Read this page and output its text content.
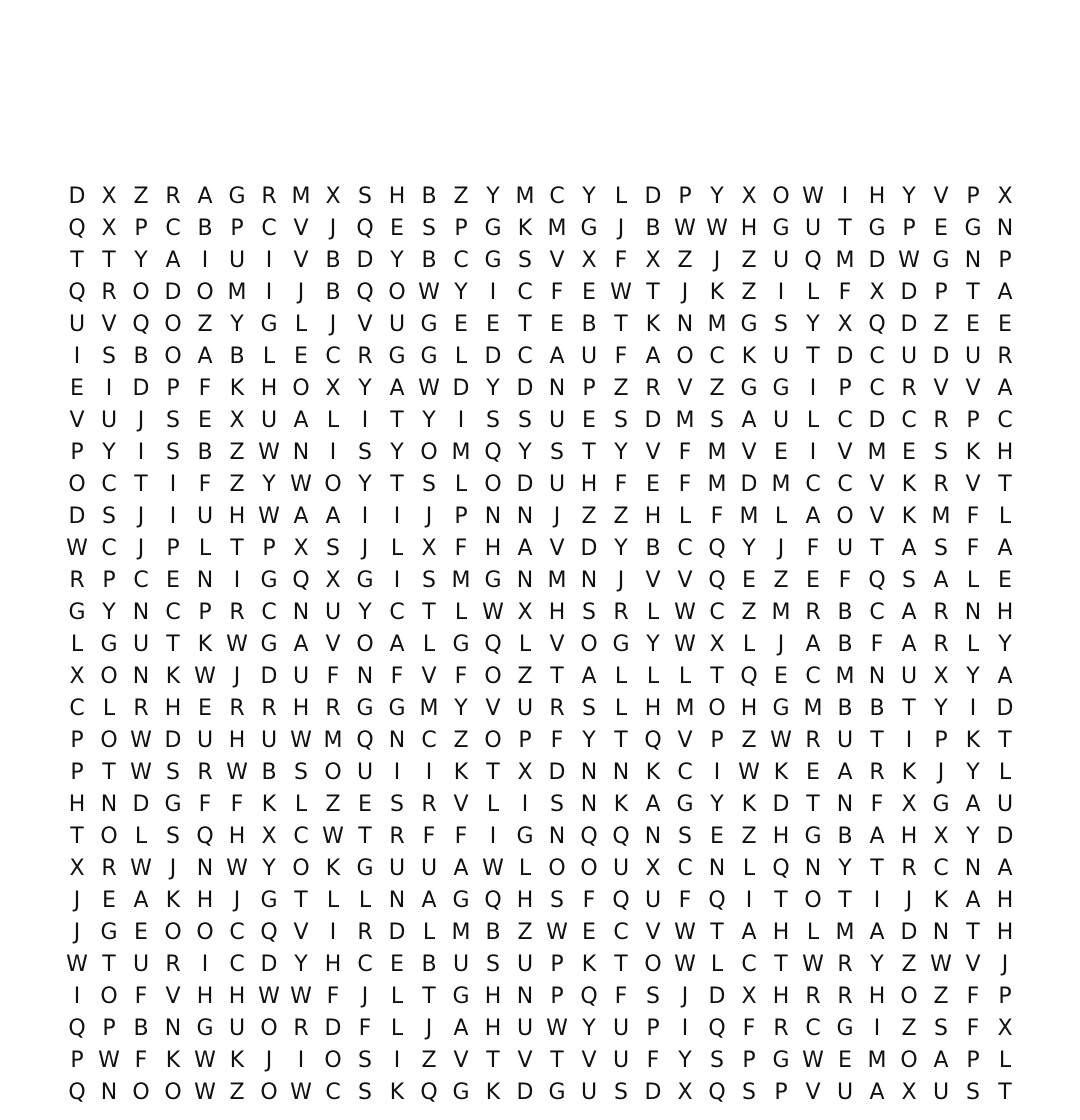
D X Z R A G R M X S H B Z Y M C Y L D P Y X O W I H Y V P X
Q X P C B P C V J Q E S P G K M G J B W W H G U T G P E G N
T T Y A I U I V B D Y B C G S V X F X Z J Z U Q M D W G N P
Q R O D O M I	J B Q O W Y	I C F E W T	J K Z I	L F X D P T A
U V Q O Z Y G L	J V U G E E T E B T K N M G S Y X Q D Z E E
I S B O A B L E C R G G L D C A U F A O C K U T D C U D U R
E I D P F K H O X Y A W D Y D N P Z R V Z G G I	P C R V V A
V U J S E X U A L	I	T Y	I S S U E S D M S A U L C D C R P C
P Y	I S B Z W N I S Y O M Q Y S T Y V F M V E I V M E S K H
O C T	I	F Z Y W O Y T S L O D U H F E F M D M C C V K R V T
D S J	I U H W A A I	I	J	P N N J Z Z H L F M L A O V K M F L
W C J	P L T P X S J	L X F H A V D Y B C Q Y	J	F U T A S F A
R P C E N I G Q X G I S M G N M N J V V Q E Z E F Q S A L E
G Y N C P R C N U Y C T L W X H S R L W C Z M R B C A R N H
L G U T K W G A V O A L G Q L V O G Y W X L	J A B F A R L Y
X O N K W J D U F N F V F O Z T A L L L T Q E C M N U X Y A
C L R H E R R H R G G M Y V U R S L H M O H G M B B T Y	I D
P O W D U H U W M Q N C Z O P F Y T Q V P Z W R U T	I	P K T
P T W S R W B S O U I	I K T X D N N K C I W K E A R K J	Y L
H N D G F F K L Z E S R V L	I S N K A G Y K D T N F X G A U
T O L S Q H X C W T R F F	I G N Q Q N S E Z H G B A H X Y D
X R W J N W Y O K G U U A W L O O U X C N L Q N Y T R C N A
J E A K H J G T L L N A G Q H S F Q U F Q I	T O T	I	J K A H
J G E O O C Q V I R D L M B Z W E C V W T A H L M A D N T H
W T U R I C D Y H C E B U S U P K T O W L C T W R Y Z W V J
I O F V H H W W F	J	L T G H N P Q F S J D X H R R H O Z F P
Q P B N G U O R D F L	J A H U W Y U P	I Q F R C G I Z S F X
P W F K W K J	I O S I Z V T V T V U F Y S P G W E M O A P L
Q N O O W Z O W C S K Q G K D G U S D X Q S P V U A X U S T
